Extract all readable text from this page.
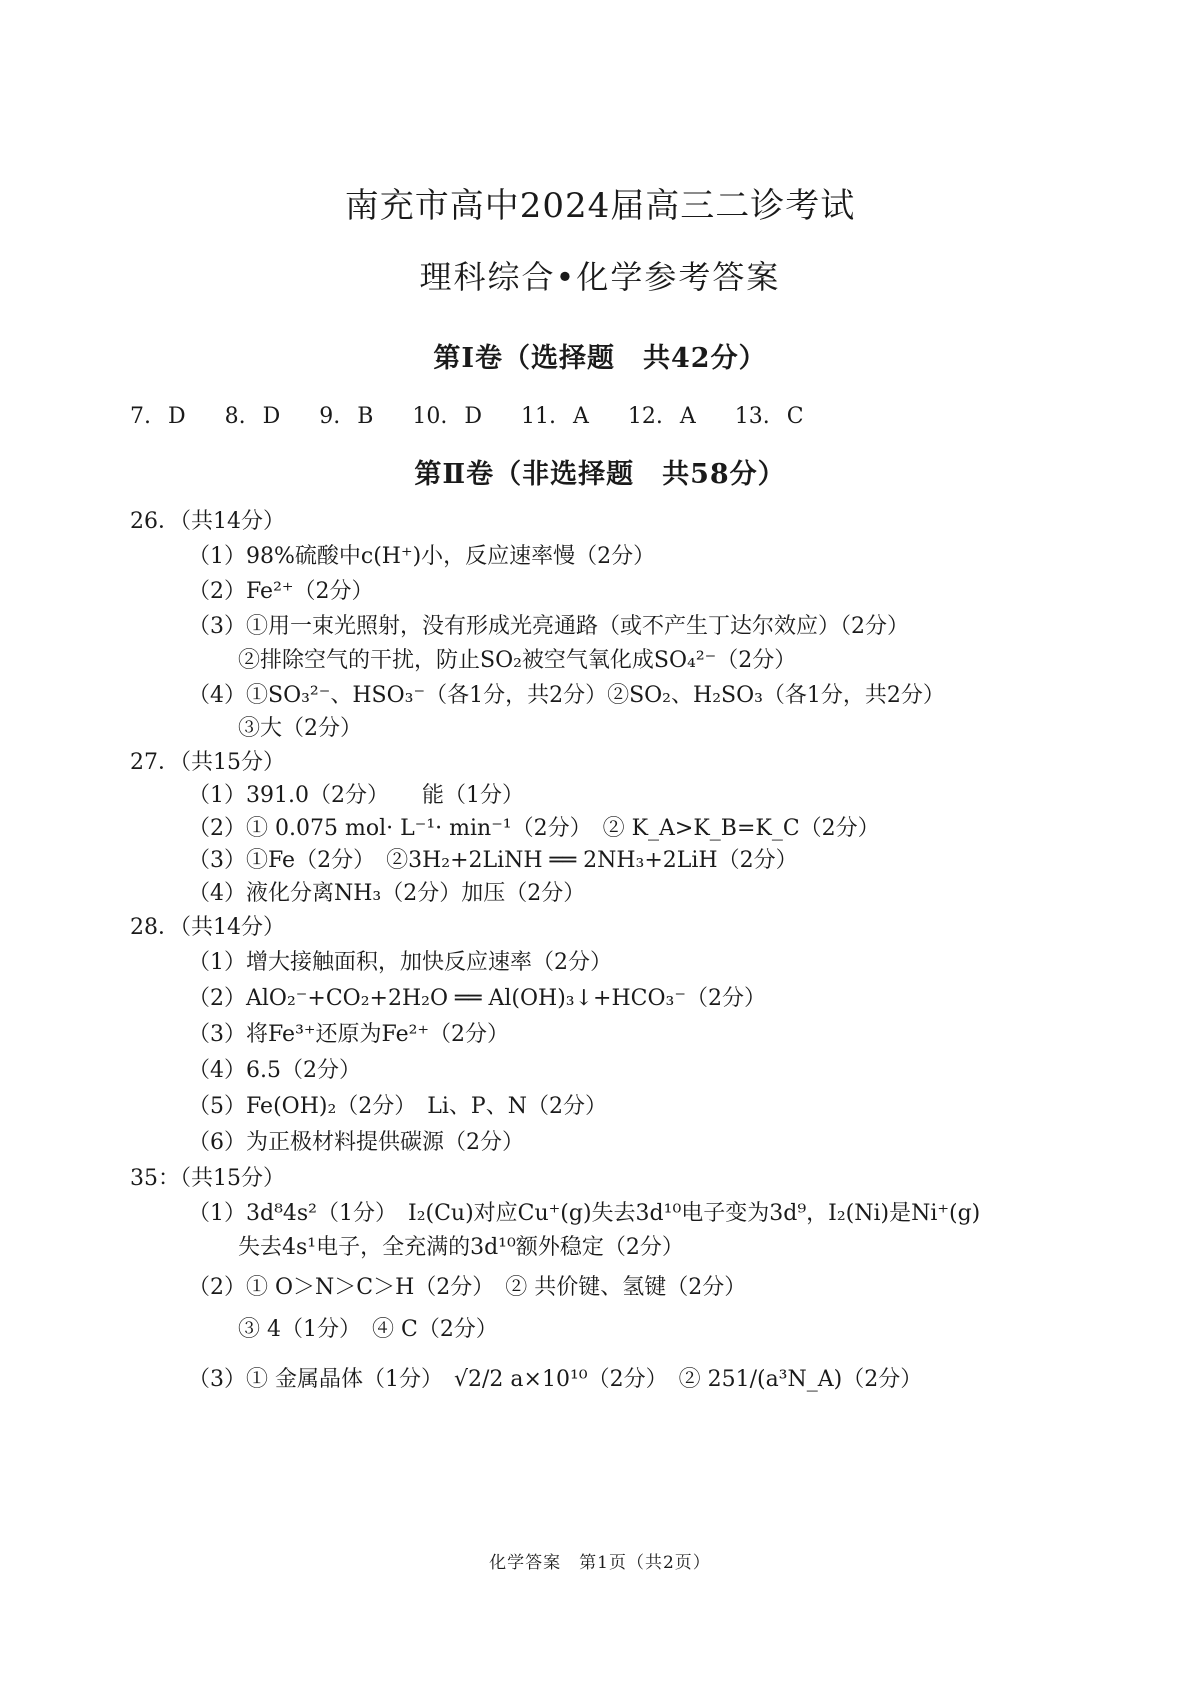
南充市高中2024届高三二诊考试
理科综合•化学参考答案
第Ⅰ卷（选择题　共42分）
7. D 8. D 9. B 10. D 11. A 12. A 13. C
第Ⅱ卷（非选择题　共58分）
26．（共14分）
（1）98%硫酸中c(H⁺)小，反应速率慢（2分）
（2）Fe²⁺（2分）
（3）①用一束光照射，没有形成光亮通路（或不产生丁达尔效应）（2分）
②排除空气的干扰，防止SO₂被空气氧化成SO₄²⁻（2分）
（4）①SO₃²⁻、HSO₃⁻（各1分，共2分）②SO₂、H₂SO₃（各1分，共2分）
③大（2分）
27．（共15分）
（1）391.0（2分）　　能（1分）
（2）① 0.075 mol· L⁻¹· min⁻¹（2分）　② K_A>K_B=K_C（2分）
（3）①Fe（2分）　②3H₂+2LiNH ══ 2NH₃+2LiH（2分）
（4）液化分离NH₃（2分）加压（2分）
28．（共14分）
（1）增大接触面积，加快反应速率（2分）
（2）AlO₂⁻+CO₂+2H₂O ══ Al(OH)₃↓+HCO₃⁻（2分）
（3）将Fe³⁺还原为Fe²⁺（2分）
（4）6.5（2分）
（5）Fe(OH)₂（2分）　Li、P、N（2分）
（6）为正极材料提供碳源（2分）
35：（共15分）
（1）3d⁸4s²（1分）　I₂(Cu)对应Cu⁺(g)失去3d¹⁰电子变为3d⁹，I₂(Ni)是Ni⁺(g)
失去4s¹电子，全充满的3d¹⁰额外稳定（2分）
（2）① O＞N＞C＞H（2分）　② 共价键、氢键（2分）
③ 4（1分）　④ C（2分）
（3）① 金属晶体（1分）　√2/2 a×10¹⁰（2分）　② 251/(a³N_A)（2分）
化学答案　第1页（共2页）
